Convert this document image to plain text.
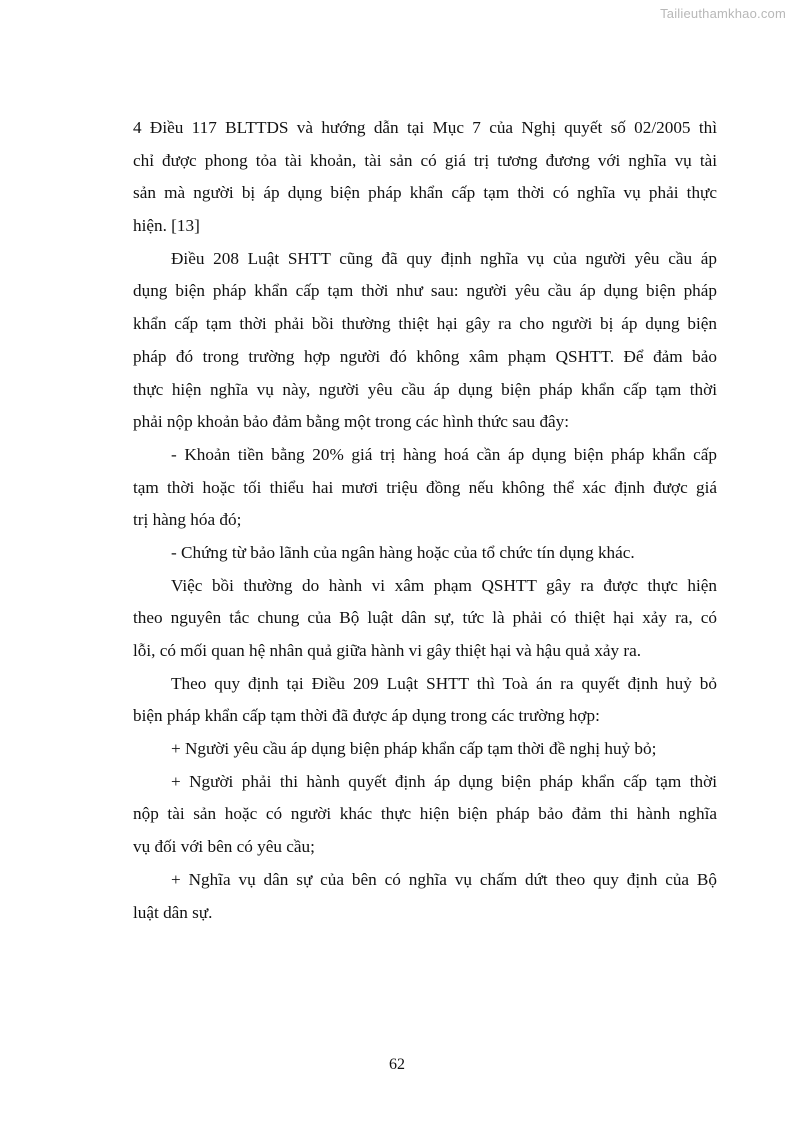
Tailieuthamkhao.com
4 Điều 117 BLTTDS và hướng dẫn tại Mục 7 của Nghị quyết số 02/2005 thì
chỉ được phong tỏa tài khoản, tài sản có giá trị tương đương với nghĩa vụ tài
sản mà người bị áp dụng biện pháp khẩn cấp tạm thời có nghĩa vụ phải thực
hiện. [13]
Điều 208 Luật SHTT cũng đã quy định nghĩa vụ của người yêu cầu áp
dụng biện pháp khẩn cấp tạm thời như sau: người yêu cầu áp dụng biện pháp
khẩn cấp tạm thời phải bồi thường thiệt hại gây ra cho người bị áp dụng biện
pháp đó trong trường hợp người đó không xâm phạm QSHTT. Để đảm bảo
thực hiện nghĩa vụ này, người yêu cầu áp dụng biện pháp khẩn cấp tạm thời
phải nộp khoản bảo đảm bằng một trong các hình thức sau đây:
- Khoản tiền bằng 20% giá trị hàng hoá cần áp dụng biện pháp khẩn cấp
tạm thời hoặc tối thiểu hai mươi triệu đồng nếu không thể xác định được giá
trị hàng hóa đó;
- Chứng từ bảo lãnh của ngân hàng hoặc của tổ chức tín dụng khác.
Việc bồi thường do hành vi xâm phạm QSHTT gây ra được thực hiện
theo nguyên tắc chung của Bộ luật dân sự, tức là phải có thiệt hại xảy ra, có
lỗi, có mối quan hệ nhân quả giữa hành vi gây thiệt hại và hậu quả xảy ra.
Theo quy định tại Điều 209 Luật SHTT thì Toà án ra quyết định huỷ bỏ
biện pháp khẩn cấp tạm thời đã được áp dụng trong các trường hợp:
+ Người yêu cầu áp dụng biện pháp khẩn cấp tạm thời đề nghị huỷ bỏ;
+ Người phải thi hành quyết định áp dụng biện pháp khẩn cấp tạm thời
nộp tài sản hoặc có người khác thực hiện biện pháp bảo đảm thi hành nghĩa
vụ đối với bên có yêu cầu;
+ Nghĩa vụ dân sự của bên có nghĩa vụ chấm dứt theo quy định của Bộ
luật dân sự.
62
